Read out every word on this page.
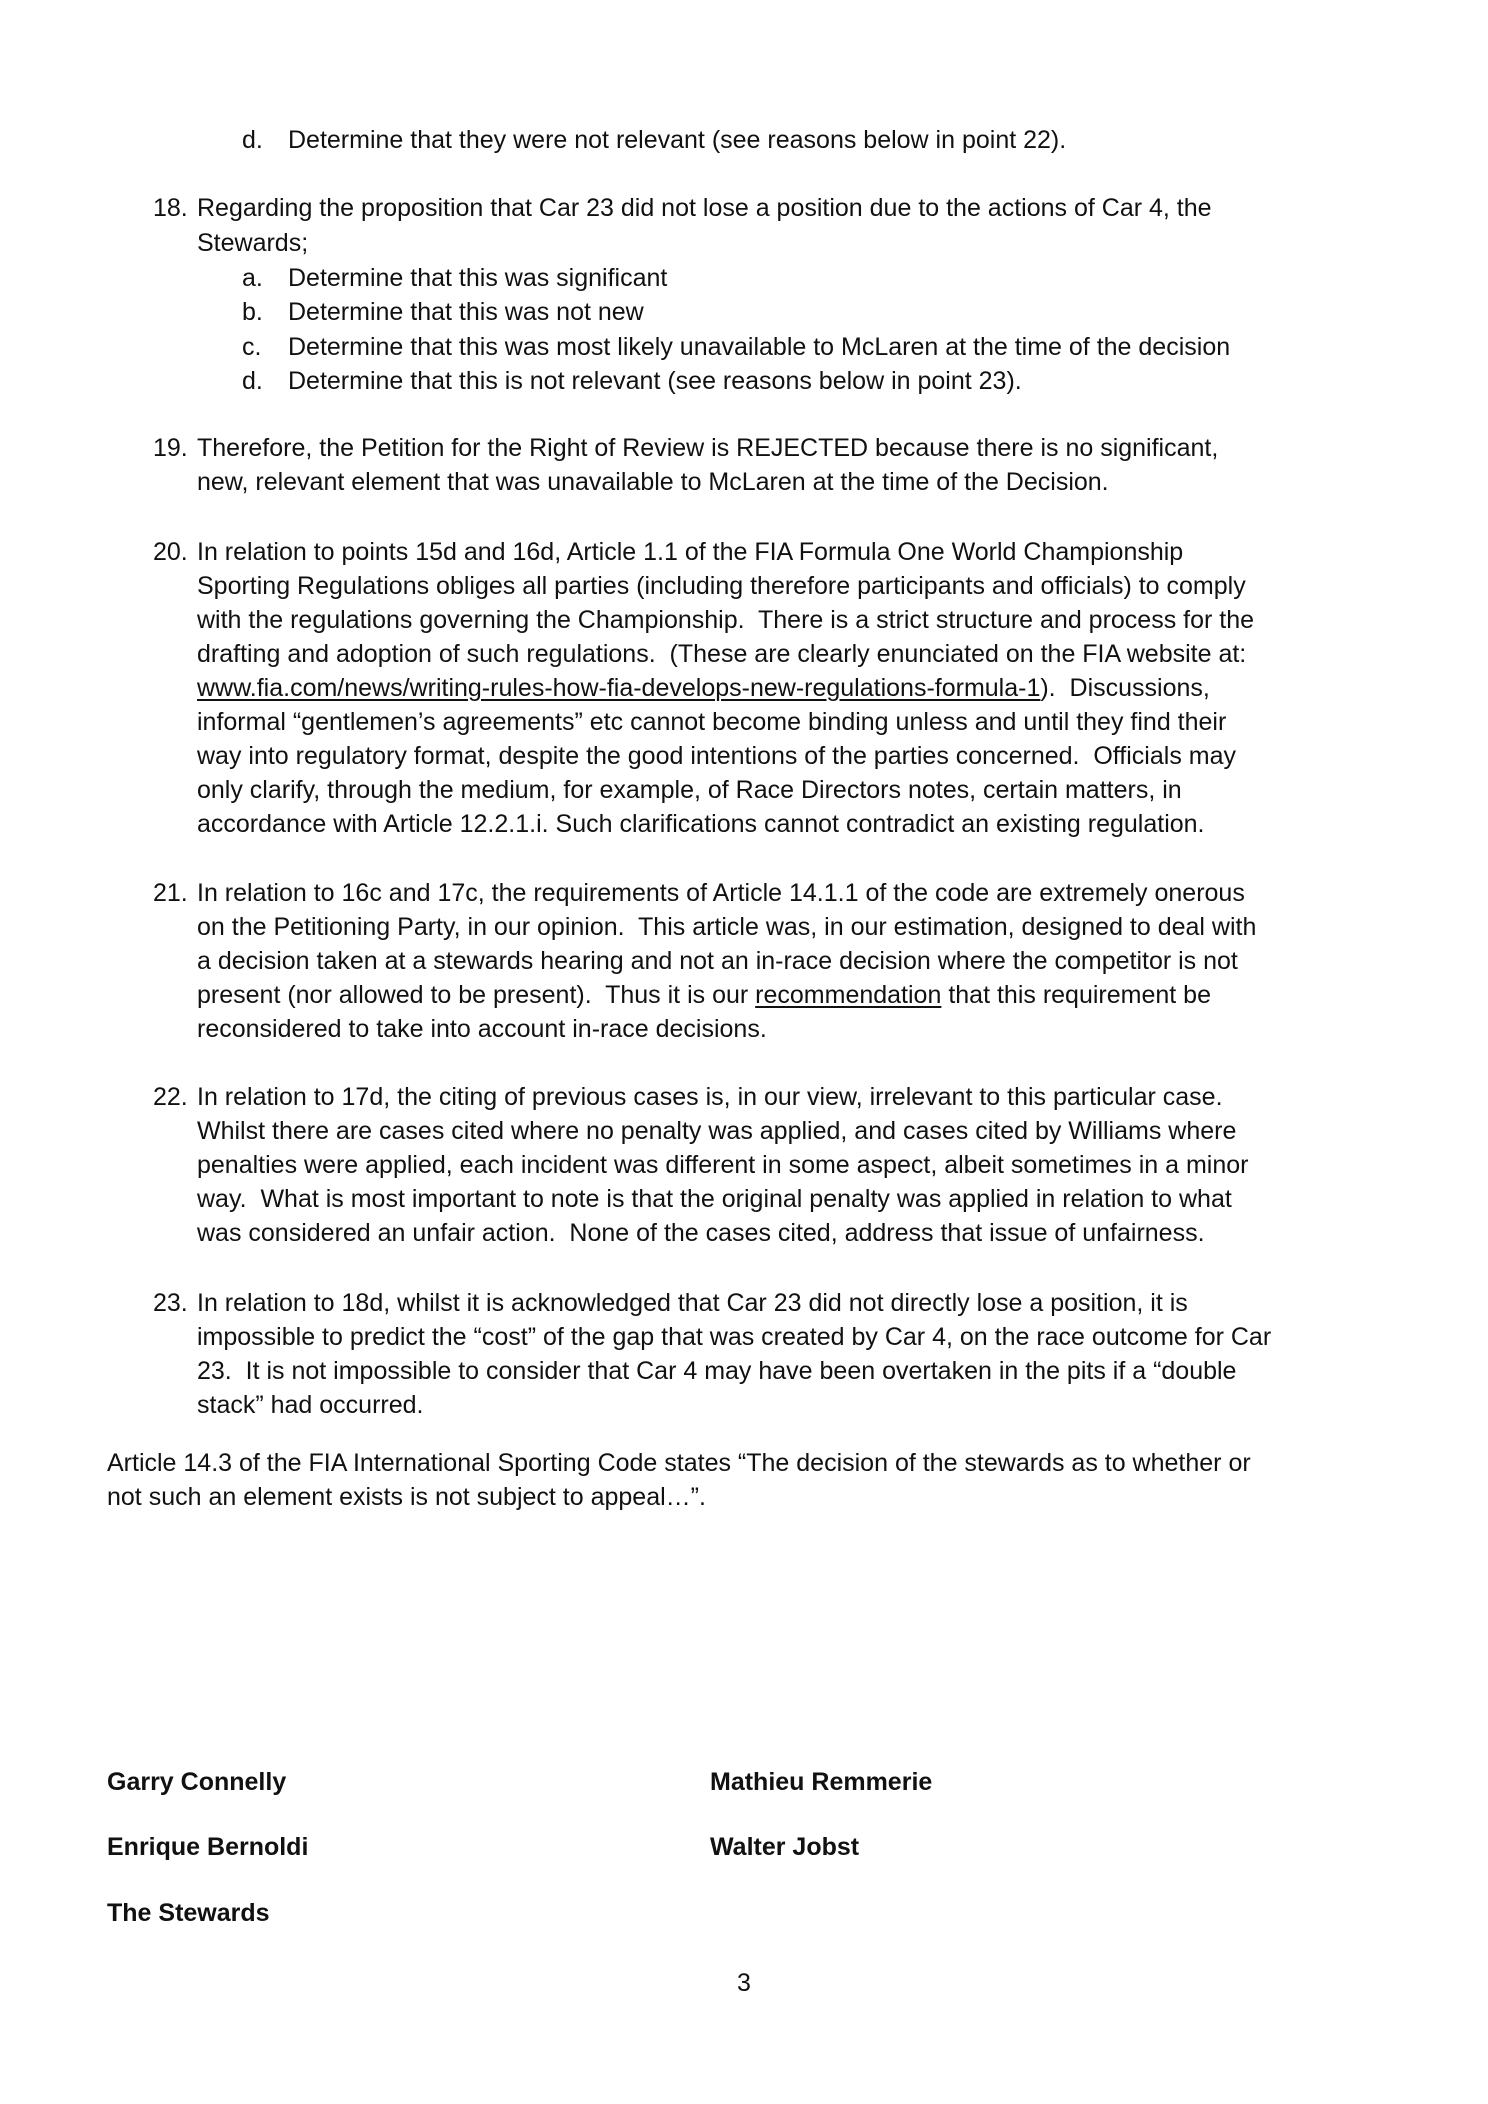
d. Determine that they were not relevant (see reasons below in point 22).
18. Regarding the proposition that Car 23 did not lose a position due to the actions of Car 4, the
Stewards;
a. Determine that this was significant
b. Determine that this was not new
c. Determine that this was most likely unavailable to McLaren at the time of the decision
d. Determine that this is not relevant (see reasons below in point 23).
19. Therefore, the Petition for the Right of Review is REJECTED because there is no significant,
new, relevant element that was unavailable to McLaren at the time of the Decision.
20. In relation to points 15d and 16d, Article 1.1 of the FIA Formula One World Championship
Sporting Regulations obliges all parties (including therefore participants and officials) to comply
with the regulations governing the Championship.  There is a strict structure and process for the
drafting and adoption of such regulations.  (These are clearly enunciated on the FIA website at:
www.fia.com/news/writing-rules-how-fia-develops-new-regulations-formula-1).  Discussions,
informal “gentlemen’s agreements” etc cannot become binding unless and until they find their
way into regulatory format, despite the good intentions of the parties concerned.  Officials may
only clarify, through the medium, for example, of Race Directors notes, certain matters, in
accordance with Article 12.2.1.i. Such clarifications cannot contradict an existing regulation.
21. In relation to 16c and 17c, the requirements of Article 14.1.1 of the code are extremely onerous
on the Petitioning Party, in our opinion.  This article was, in our estimation, designed to deal with
a decision taken at a stewards hearing and not an in-race decision where the competitor is not
present (nor allowed to be present).  Thus it is our recommendation that this requirement be
reconsidered to take into account in-race decisions.
22. In relation to 17d, the citing of previous cases is, in our view, irrelevant to this particular case.
Whilst there are cases cited where no penalty was applied, and cases cited by Williams where
penalties were applied, each incident was different in some aspect, albeit sometimes in a minor
way.  What is most important to note is that the original penalty was applied in relation to what
was considered an unfair action.  None of the cases cited, address that issue of unfairness.
23. In relation to 18d, whilst it is acknowledged that Car 23 did not directly lose a position, it is
impossible to predict the “cost” of the gap that was created by Car 4, on the race outcome for Car
23.  It is not impossible to consider that Car 4 may have been overtaken in the pits if a “double
stack” had occurred.
Article 14.3 of the FIA International Sporting Code states “The decision of the stewards as to whether or
not such an element exists is not subject to appeal…”.
Garry Connelly	Mathieu Remmerie
Enrique Bernoldi	Walter Jobst
The Stewards
3
